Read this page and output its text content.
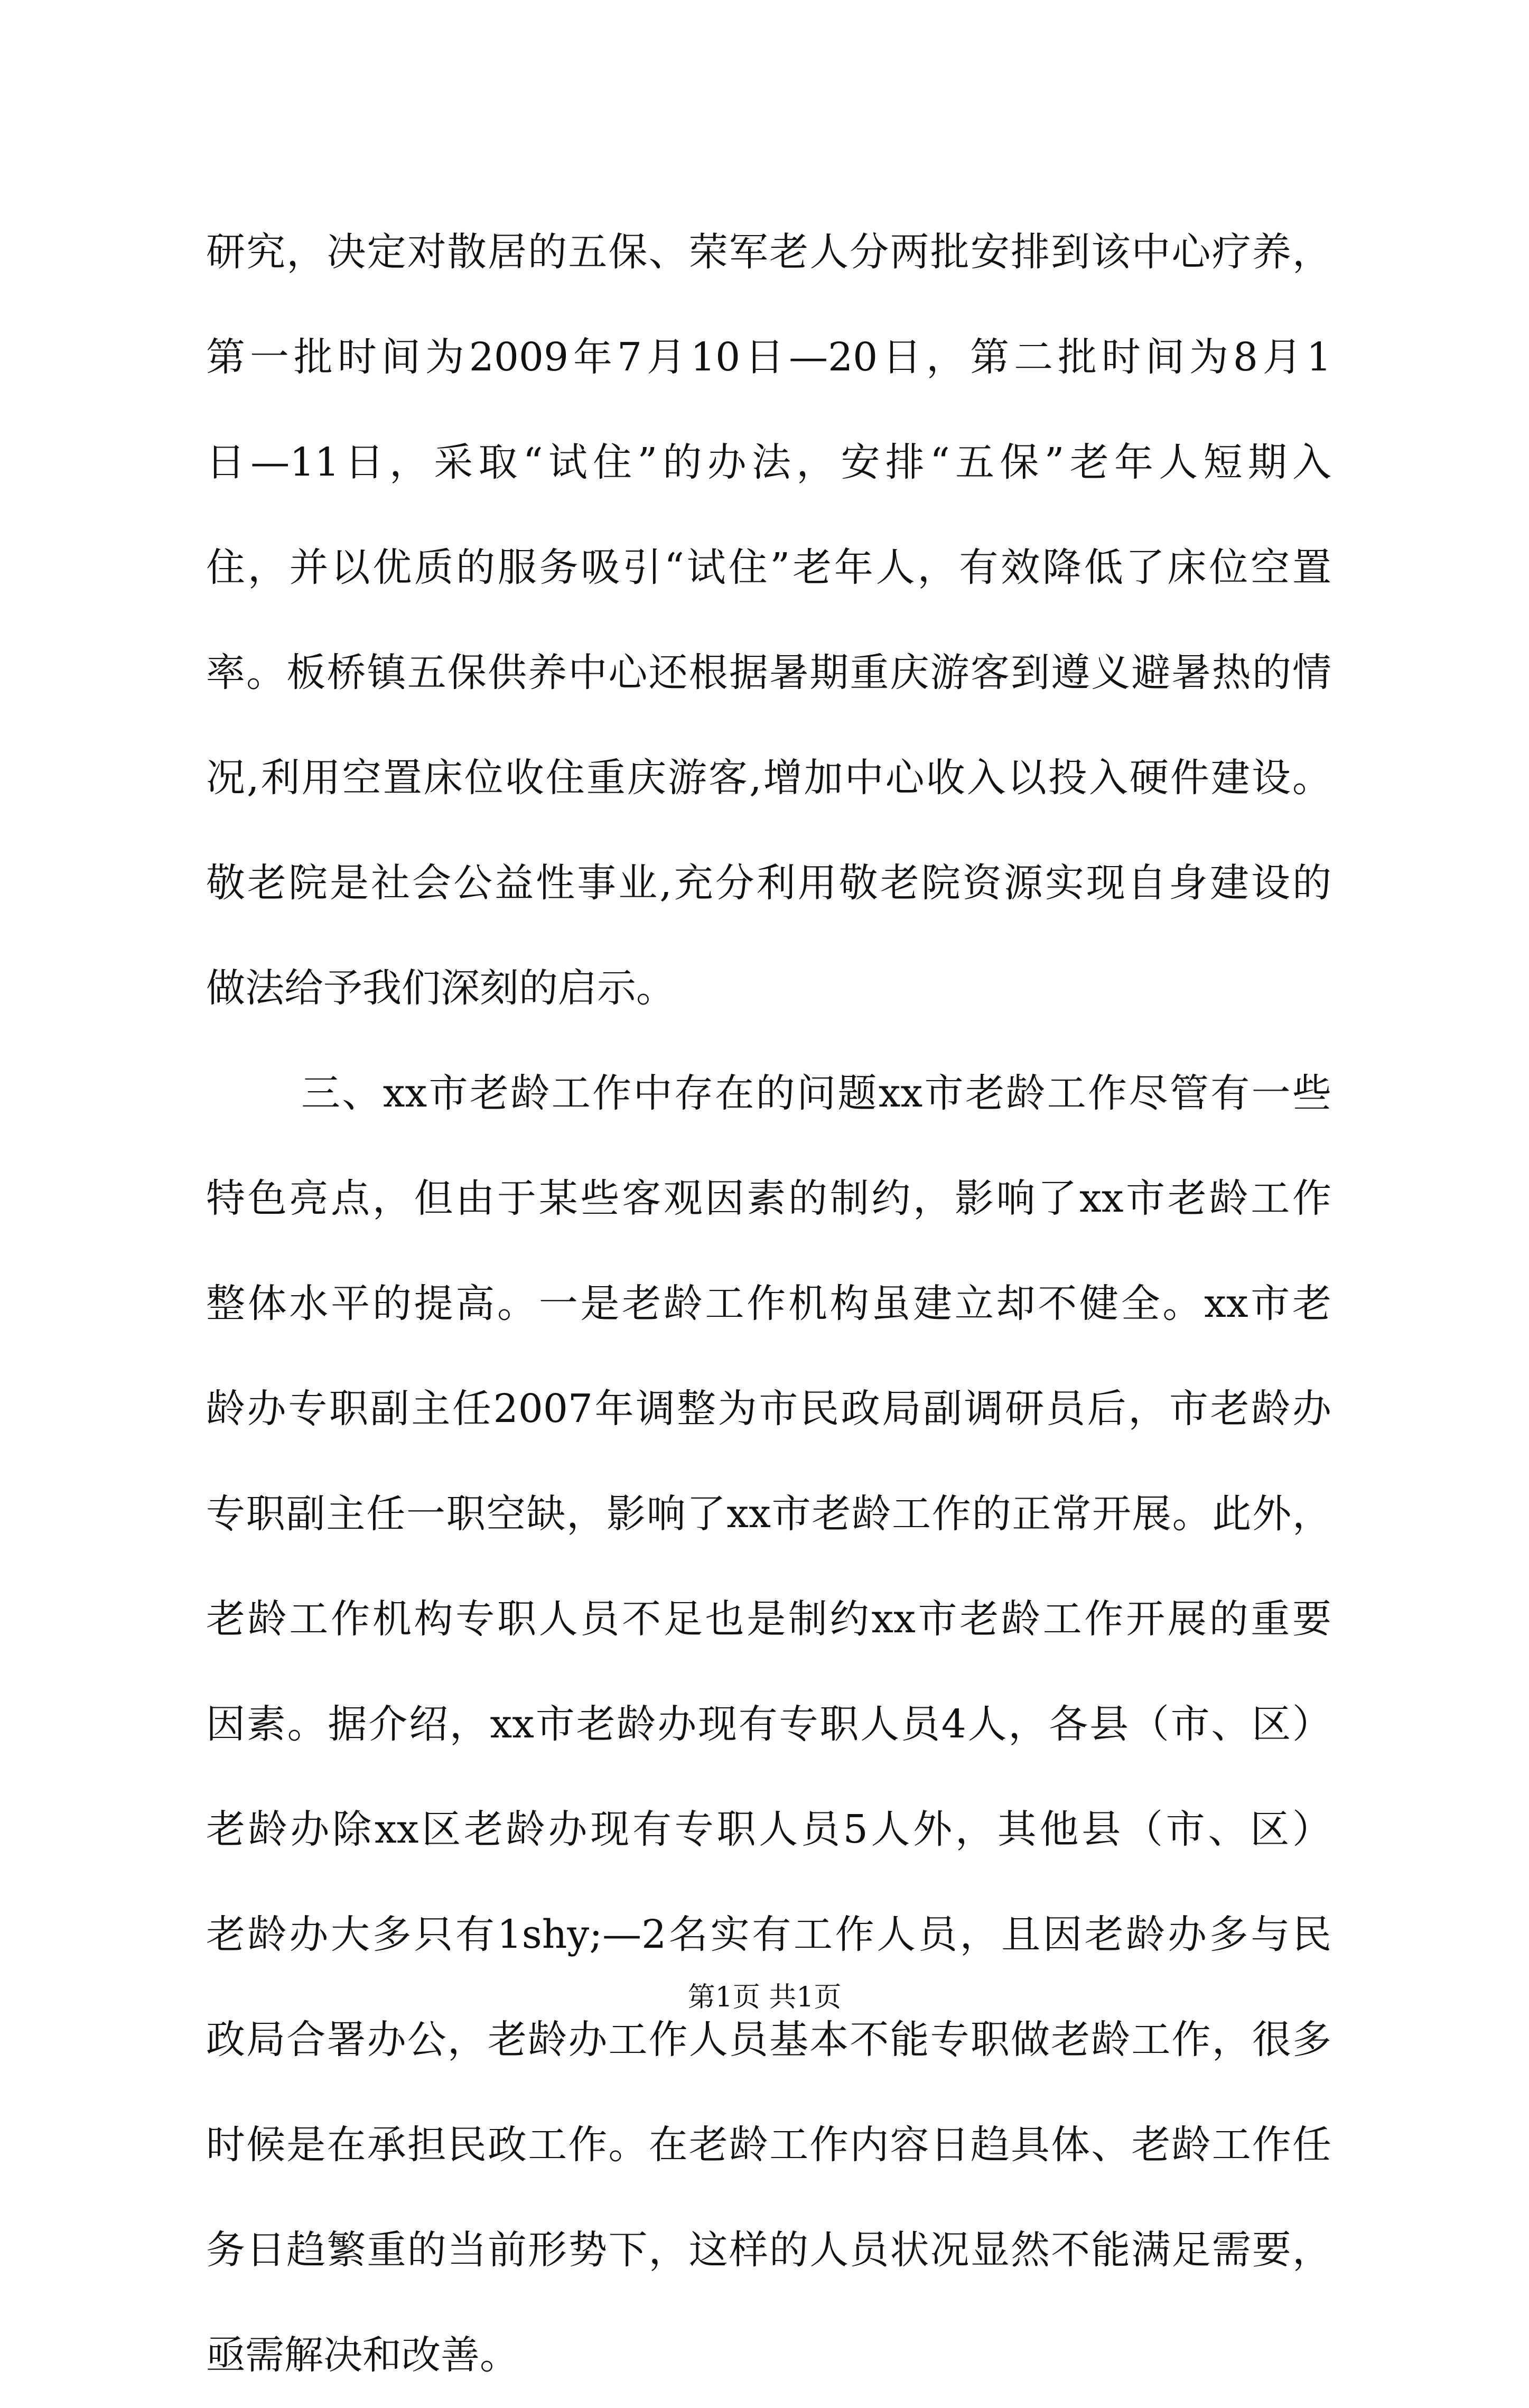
研究，决定对散居的五保、荣军老人分两批安排到该中心疗养，
第一批时间为2009年7月10日—20日，第二批时间为8月1
日—11日，采取“试住”的办法，安排“五保”老年人短期入
住，并以优质的服务吸引“试住”老年人，有效降低了床位空置
率。板桥镇五保供养中心还根据暑期重庆游客到遵义避暑热的情
况,利用空置床位收住重庆游客,增加中心收入以投入硬件建设。
敬老院是社会公益性事业,充分利用敬老院资源实现自身建设的
做法给予我们深刻的启示。
三、xx市老龄工作中存在的问题xx市老龄工作尽管有一些
特色亮点，但由于某些客观因素的制约，影响了xx市老龄工作
整体水平的提高。一是老龄工作机构虽建立却不健全。xx市老
龄办专职副主任2007年调整为市民政局副调研员后，市老龄办
专职副主任一职空缺，影响了xx市老龄工作的正常开展。此外，
老龄工作机构专职人员不足也是制约xx市老龄工作开展的重要
因素。据介绍，xx市老龄办现有专职人员4人，各县（市、区）
老龄办除xx区老龄办现有专职人员5人外，其他县（市、区）
老龄办大多只有1shy;—2名实有工作人员，且因老龄办多与民
政局合署办公，老龄办工作人员基本不能专职做老龄工作，很多
时候是在承担民政工作。在老龄工作内容日趋具体、老龄工作任
务日趋繁重的当前形势下，这样的人员状况显然不能满足需要，
亟需解决和改善。
第1页 共1页
